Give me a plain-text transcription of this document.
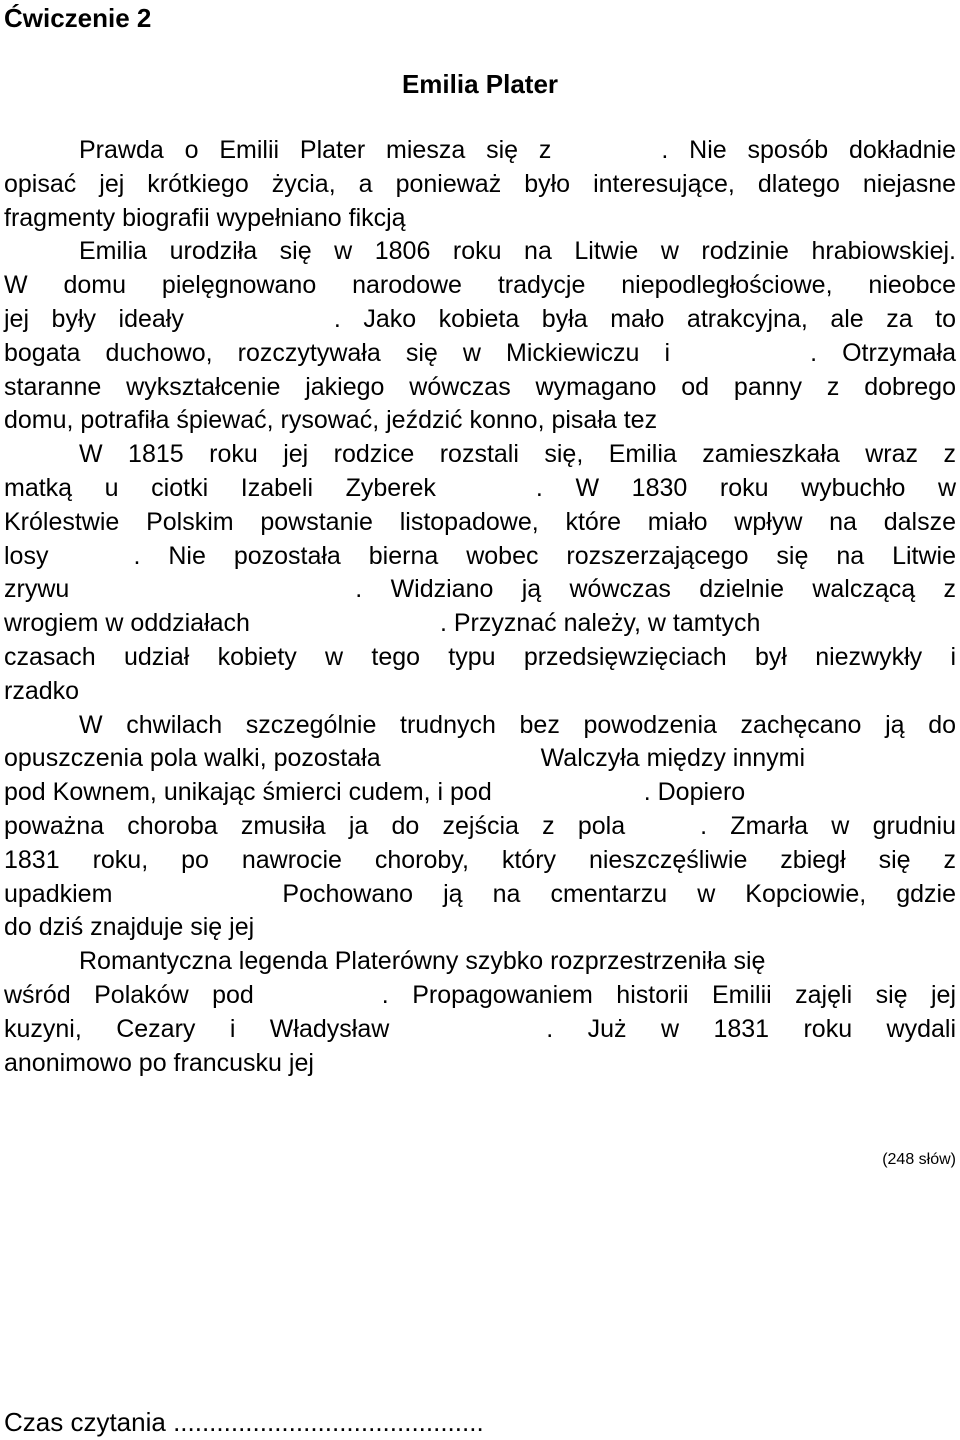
Ćwiczenie 2
Emilia Plater
Prawda o Emilii Plater miesza się z	. Nie sposób dokładnie
opisać jej krótkiego życia, a ponieważ było interesujące, dlatego niejasne
fragmenty biografii wypełniano fikcją
Emilia urodziła się w 1806 roku na Litwie w rodzinie hrabiowskiej.
W domu pielęgnowano narodowe tradycje niepodległościowe, nieobce
jej były ideały	. Jako kobieta była mało atrakcyjna, ale za to
bogata duchowo, rozczytywała się w Mickiewiczu i	. Otrzymała
staranne wykształcenie jakiego wówczas wymagano od panny z dobrego
domu, potrafiła śpiewać, rysować, jeździć konno, pisała tez
W 1815 roku jej rodzice rozstali się, Emilia zamieszkała wraz z
matką u ciotki Izabeli Zyberek	. W 1830 roku wybuchło w
Królestwie Polskim powstanie listopadowe, które miało wpływ na dalsze
losy	. Nie pozostała bierna wobec rozszerzającego się na Litwie
zrywu	. Widziano ją wówczas dzielnie walczącą z
wrogiem w oddziałach	. Przyznać należy, w tamtych
czasach udział kobiety w tego typu przedsięwzięciach był niezwykły i
rzadko
W chwilach szczególnie trudnych bez powodzenia zachęcano ją do
opuszczenia pola walki, pozostała	Walczyła między innymi
pod Kownem, unikając śmierci cudem, i pod	. Dopiero
poważna choroba zmusiła ja do zejścia z pola	. Zmarła w grudniu
1831 roku, po nawrocie choroby, który nieszczęśliwie zbiegł się z
upadkiem	Pochowano ją na cmentarzu w Kopciowie, gdzie
do dziś znajduje się jej
Romantyczna legenda Platerówny szybko rozprzestrzeniła się
wśród Polaków pod	. Propagowaniem historii Emilii zajęli się jej
kuzyni, Cezary i Władysław	. Już w 1831 roku wydali
anonimowo po francusku jej
(248 słów)
Czas czytania ...........................................
